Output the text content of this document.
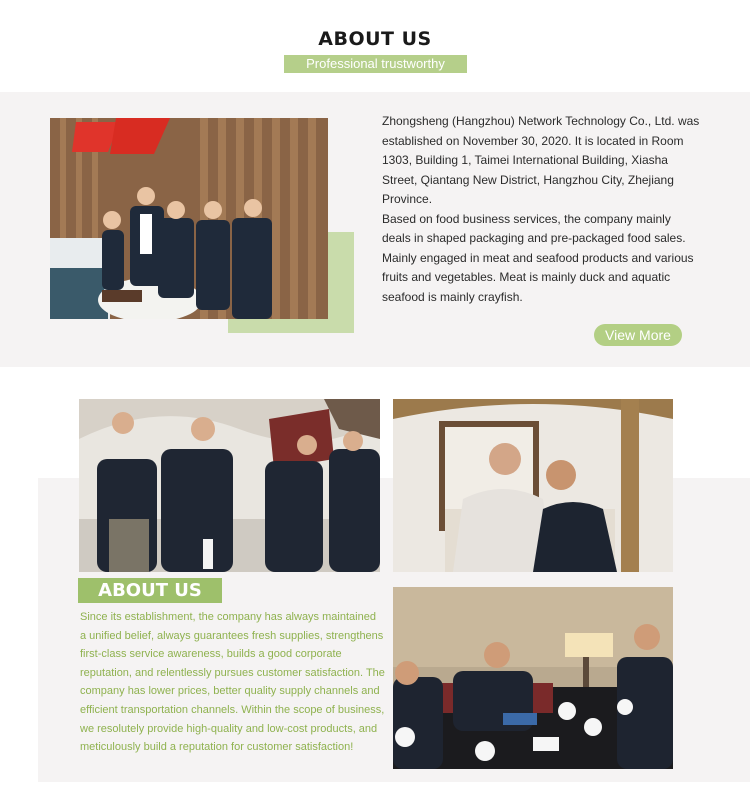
ABOUT US
Professional trustworthy
Zhongsheng (Hangzhou) Network Technology Co., Ltd. was established on November 30, 2020. It is located in Room 1303, Building 1, Taimei International Building, Xiasha Street, Qiantang New District, Hangzhou City, Zhejiang Province.
Based on food business services, the company mainly deals in shaped packaging and pre-packaged food sales. Mainly engaged in meat and seafood products and various fruits and vegetables. Meat is mainly duck and aquatic seafood is mainly crayfish.
View More
ABOUT US
Since its establishment, the company has always maintained a unified belief, always guarantees fresh supplies, strengthens first-class service awareness, builds a good corporate reputation, and relentlessly pursues customer satisfaction. The company has lower prices, better quality supply channels and efficient transportation channels. Within the scope of business, we resolutely provide high-quality and low-cost products, and meticulously build a reputation for customer satisfaction!
